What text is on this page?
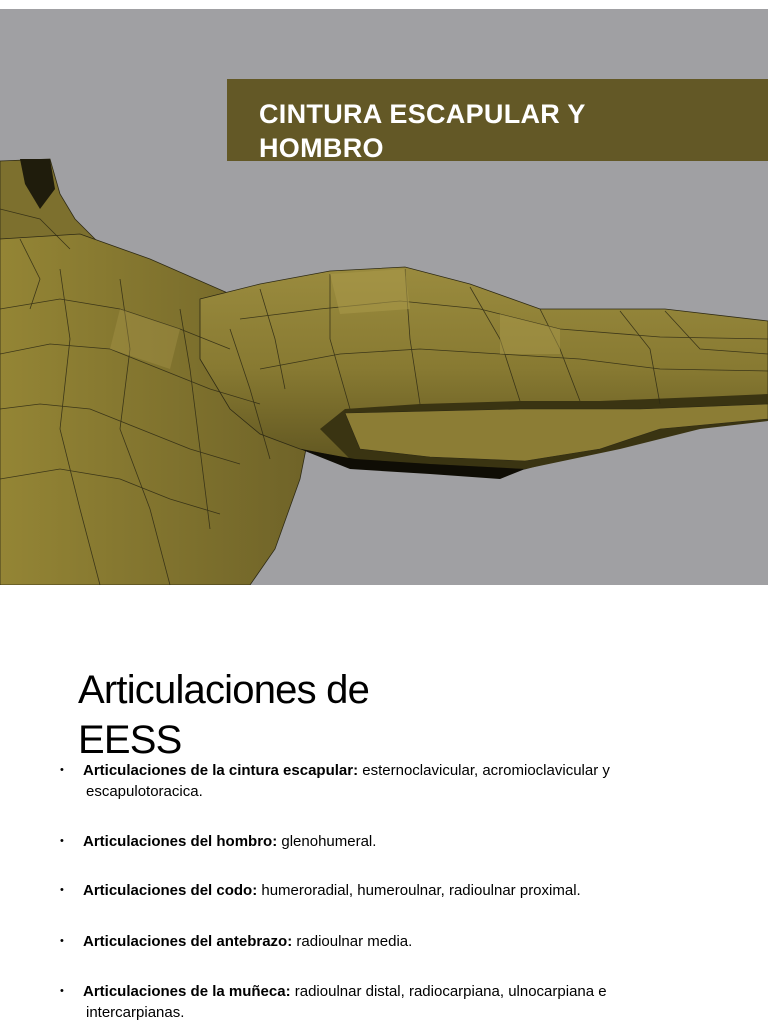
CINTURA ESCAPULAR Y
HOMBRO
Articulaciones de
EESS
• Articulaciones de la cintura escapular: esternoclavicular, acromioclavicular y
escapulotoracica.
• Articulaciones del hombro: glenohumeral.
• Articulaciones del codo: humeroradial, humeroulnar, radioulnar proximal.
• Articulaciones del antebrazo: radioulnar media.
• Articulaciones de la muñeca: radioulnar distal, radiocarpiana, ulnocarpiana e
intercarpianas.
